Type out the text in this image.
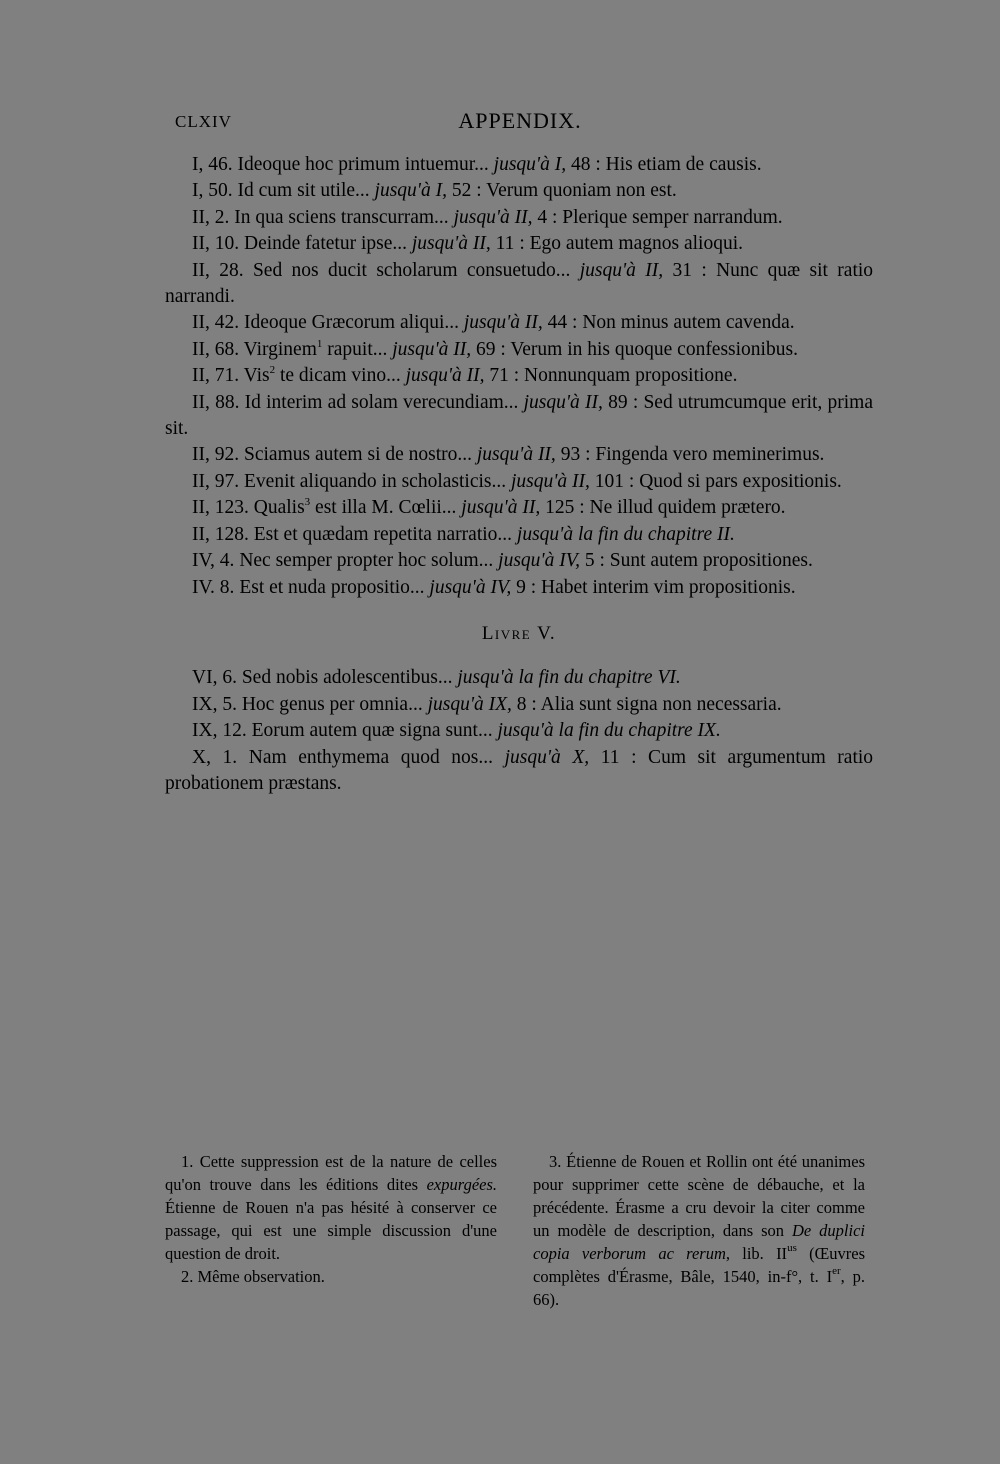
CLXIV	APPENDIX.

I, 46. Ideoque hoc primum intuemur... jusqu'à I, 48 : His etiam de causis.

I, 50. Id cum sit utile... jusqu'à I, 52 : Verum quoniam non est.

II, 2. In qua sciens transcurram... jusqu'à II, 4 : Plerique semper narrandum.

II, 10. Deinde fatetur ipse... jusqu'à II, 11 : Ego autem magnos alioqui.

II, 28. Sed nos ducit scholarum consuetudo... jusqu'à II, 31 : Nunc quæ sit ratio narrandi.

II, 42. Ideoque Græcorum aliqui... jusqu'à II, 44 : Non minus autem cavenda.

II, 68. Virginem$^1$ rapuit... jusqu'à II, 69 : Verum in his quoque confessionibus.

II, 71. Vis$^2$ te dicam vino... jusqu'à II, 71 : Nonnunquam propositione.

II, 88. Id interim ad solam verecundiam... jusqu'à II, 89 : Sed utrumcumque erit, prima sit.

II, 92. Sciamus autem si de nostro... jusqu'à II, 93 : Fingenda vero meminerimus.

II, 97. Evenit aliquando in scholasticis... jusqu'à II, 101 : Quod si pars expositionis.

II, 123. Qualis$^3$ est illa M. Cœlii... jusqu'à II, 125 : Ne illud quidem prætero.

II, 128. Est et quædam repetita narratio... jusqu'à la fin du chapitre II.

IV, 4. Nec semper propter hoc solum... jusqu'à IV, 5 : Sunt autem propositiones.

IV. 8. Est et nuda propositio... jusqu'à IV, 9 : Habet interim vim propositionis.

Livre V.

VI, 6. Sed nobis adolescentibus... jusqu'à la fin du chapitre VI.

IX, 5. Hoc genus per omnia... jusqu'à IX, 8 : Alia sunt signa non necessaria.

IX, 12. Eorum autem quæ signa sunt... jusqu'à la fin du chapitre IX.

X, 1. Nam enthymema quod nos... jusqu'à X, 11 : Cum sit argumentum ratio probationem præstans.

1. Cette suppression est de la nature de celles qu'on trouve dans les éditions dites expurgées. Étienne de Rouen n'a pas hésité à conserver ce passage, qui est une simple discussion d'une question de droit.

2. Même observation.

3. Étienne de Rouen et Rollin ont été unanimes pour supprimer cette scène de débauche, et la précédente. Érasme a cru devoir la citer comme un modèle de description, dans son De duplici copia verborum ac rerum, lib. $II^{us}$ (Œuvres complètes d'Érasme, Bâle, 1540, in-f°, t. Ier, p. 66).
